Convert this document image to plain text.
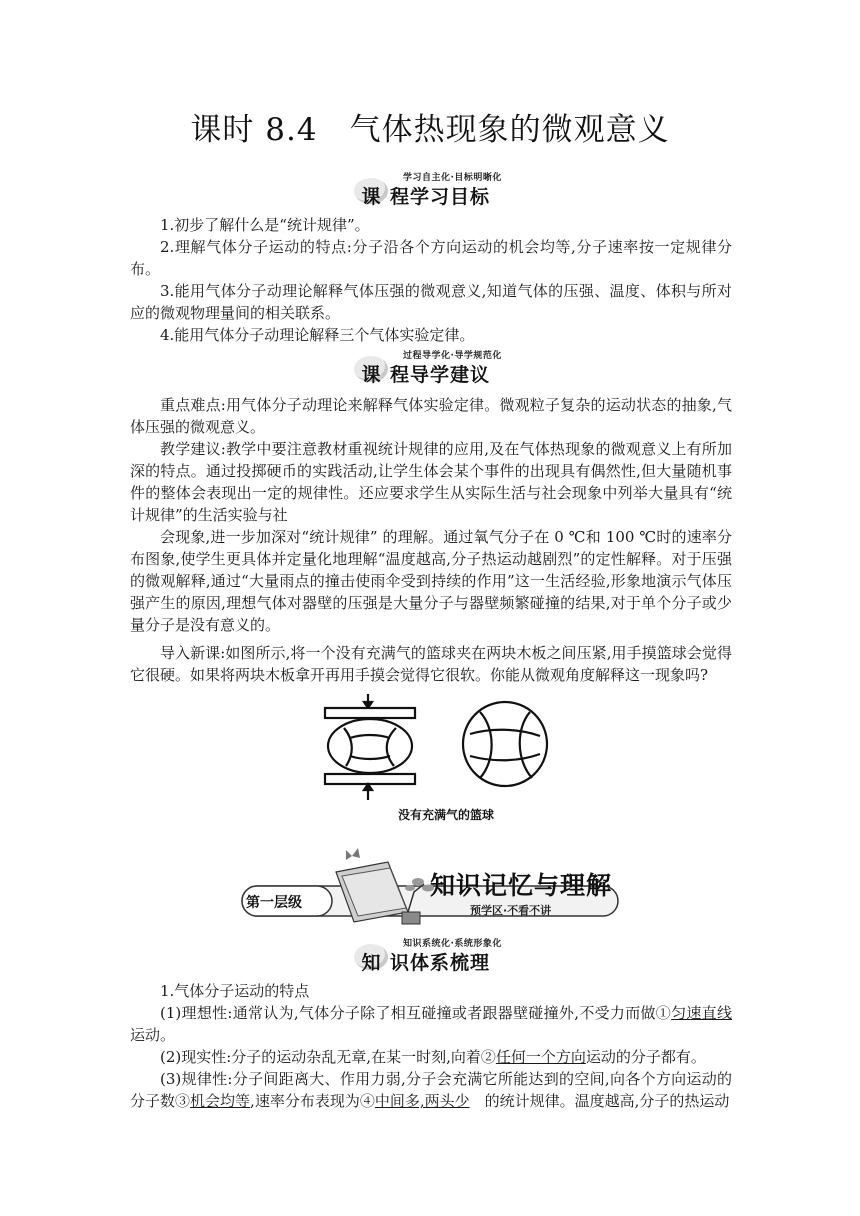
课时 8.4　气体热现象的微观意义
课
学习自主化·目标明晰化
程学习目标

1.初步了解什么是“统计规律”。

2.理解气体分子运动的特点:分子沿各个方向运动的机会均等,分子速率按一定规律分布。

3.能用气体分子动理论解释气体压强的微观意义,知道气体的压强、温度、体积与所对应的微观物理量间的相关联系。

4.能用气体分子动理论解释三个气体实验定律。

课
过程导学化·导学规范化
程导学建议

重点难点:用气体分子动理论来解释气体实验定律。微观粒子复杂的运动状态的抽象,气体压强的微观意义。

教学建议:教学中要注意教材重视统计规律的应用,及在气体热现象的微观意义上有所加深的特点。通过投掷硬币的实践活动,让学生体会某个事件的出现具有偶然性,但大量随机事件的整体会表现出一定的规律性。还应要求学生从实际生活与社会现象中列举大量具有“统计规律”的生活实验与社

会现象,进一步加深对“统计规律” 的理解。通过氧气分子在 0 ℃和 100 ℃时的速率分布图象,使学生更具体并定量化地理解“温度越高,分子热运动越剧烈”的定性解释。对于压强的微观解释,通过“大量雨点的撞击使雨伞受到持续的作用”这一生活经验,形象地演示气体压强产生的原因,理想气体对器壁的压强是大量分子与器壁频繁碰撞的结果,对于单个分子或少量分子是没有意义的。

导入新课:如图所示,将一个没有充满气的篮球夹在两块木板之间压紧,用手摸篮球会觉得它很硬。如果将两块木板拿开再用手摸会觉得它很软。你能从微观角度解释这一现象吗?

没有充满气的篮球
第一层级
知识记忆与理解
预学区·不看不讲
知
知识系统化·系统形象化
识体系梳理

1.气体分子运动的特点

(1)理想性:通常认为,气体分子除了相互碰撞或者跟器壁碰撞外,不受力而做①匀速直线运动。

(2)现实性:分子的运动杂乱无章,在某一时刻,向着②任何一个方向运动的分子都有。

(3)规律性:分子间距离大、作用力弱,分子会充满它所能达到的空间,向各个方向运动的分子数③机会均等,速率分布表现为④中间多,两头少　的统计规律。温度越高,分子的热运动
